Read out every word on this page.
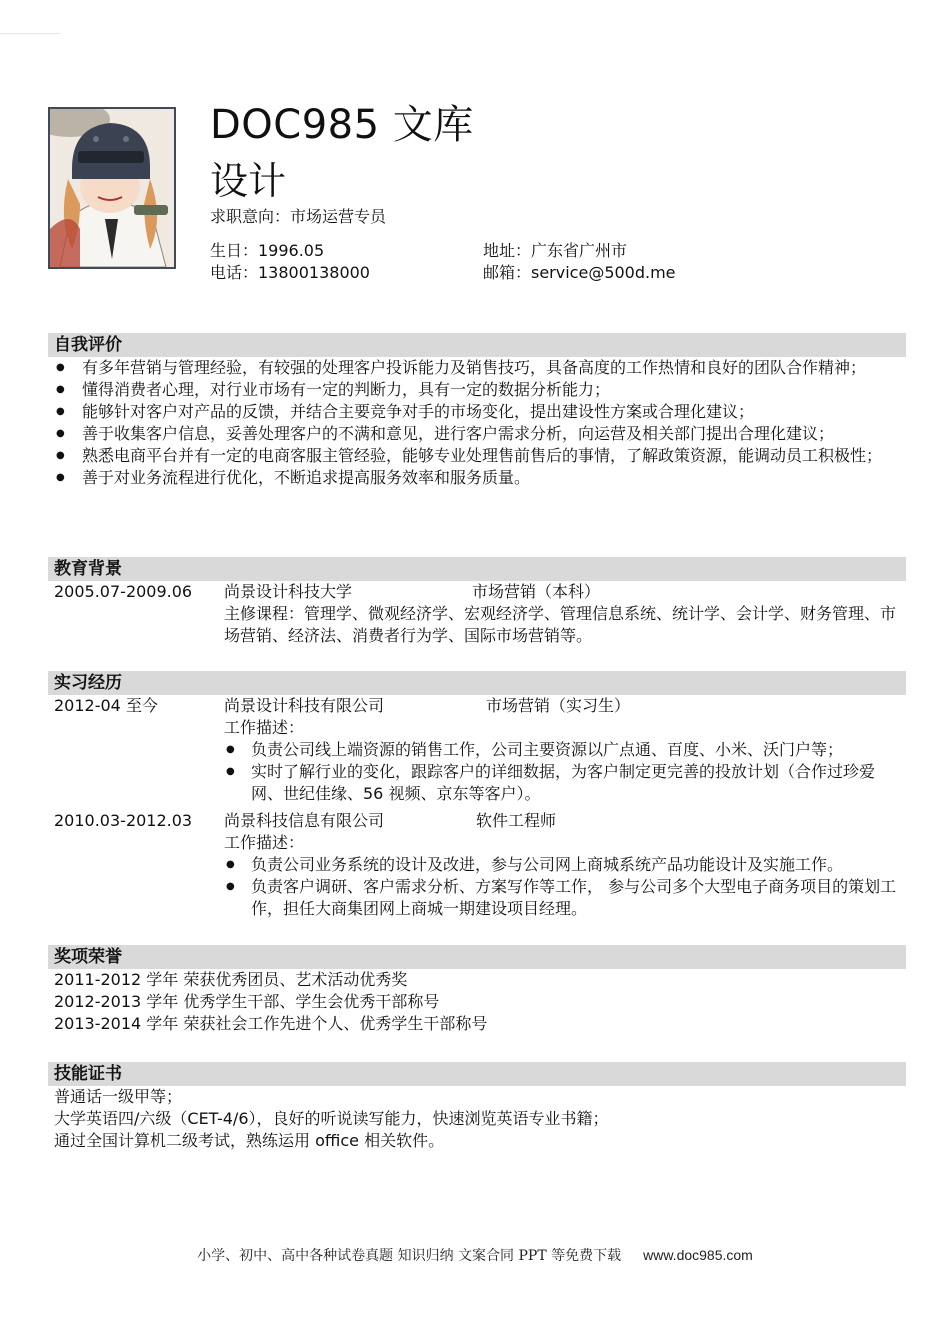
DOC985 文库
设计
求职意向：市场运营专员
生日：1996.05
电话：13800138000
地址：广东省广州市
邮箱：service@500d.me
自我评价
● 有多年营销与管理经验，有较强的处理客户投诉能力及销售技巧，具备高度的工作热情和良好的团队合作精神；
● 懂得消费者心理，对行业市场有一定的判断力，具有一定的数据分析能力；
● 能够针对客户对产品的反馈，并结合主要竞争对手的市场变化，提出建设性方案或合理化建议；
● 善于收集客户信息，妥善处理客户的不满和意见，进行客户需求分析，向运营及相关部门提出合理化建议；
● 熟悉电商平台并有一定的电商客服主管经验，能够专业处理售前售后的事情，了解政策资源，能调动员工积极性；
● 善于对业务流程进行优化，不断追求提高服务效率和服务质量。
教育背景
2005.07-2009.06 尚景设计科技大学	市场营销（本科）
主修课程：管理学、微观经济学、宏观经济学、管理信息系统、统计学、会计学、财务管理、市场营销、经济法、消费者行为学、国际市场营销等。
实习经历
2012-04 至今	尚景设计科技有限公司	市场营销（实习生）
工作描述：
● 负责公司线上端资源的销售工作，公司主要资源以广点通、百度、小米、沃门户等；
● 实时了解行业的变化，跟踪客户的详细数据，为客户制定更完善的投放计划（合作过珍爱网、世纪佳缘、56 视频、京东等客户）。
2010.03-2012.03 尚景科技信息有限公司	软件工程师
工作描述：
● 负责公司业务系统的设计及改进，参与公司网上商城系统产品功能设计及实施工作。
● 负责客户调研、客户需求分析、方案写作等工作， 参与公司多个大型电子商务项目的策划工作，担任大商集团网上商城一期建设项目经理。
奖项荣誉
2011-2012 学年 荣获优秀团员、艺术活动优秀奖
2012-2013 学年 优秀学生干部、学生会优秀干部称号
2013-2014 学年 荣获社会工作先进个人、优秀学生干部称号
技能证书
普通话一级甲等；
大学英语四/六级（CET-4/6），良好的听说读写能力，快速浏览英语专业书籍；
通过全国计算机二级考试，熟练运用 office 相关软件。
小学、初中、高中各种试卷真题 知识归纳 文案合同 PPT 等免费下载 www.doc985.com
